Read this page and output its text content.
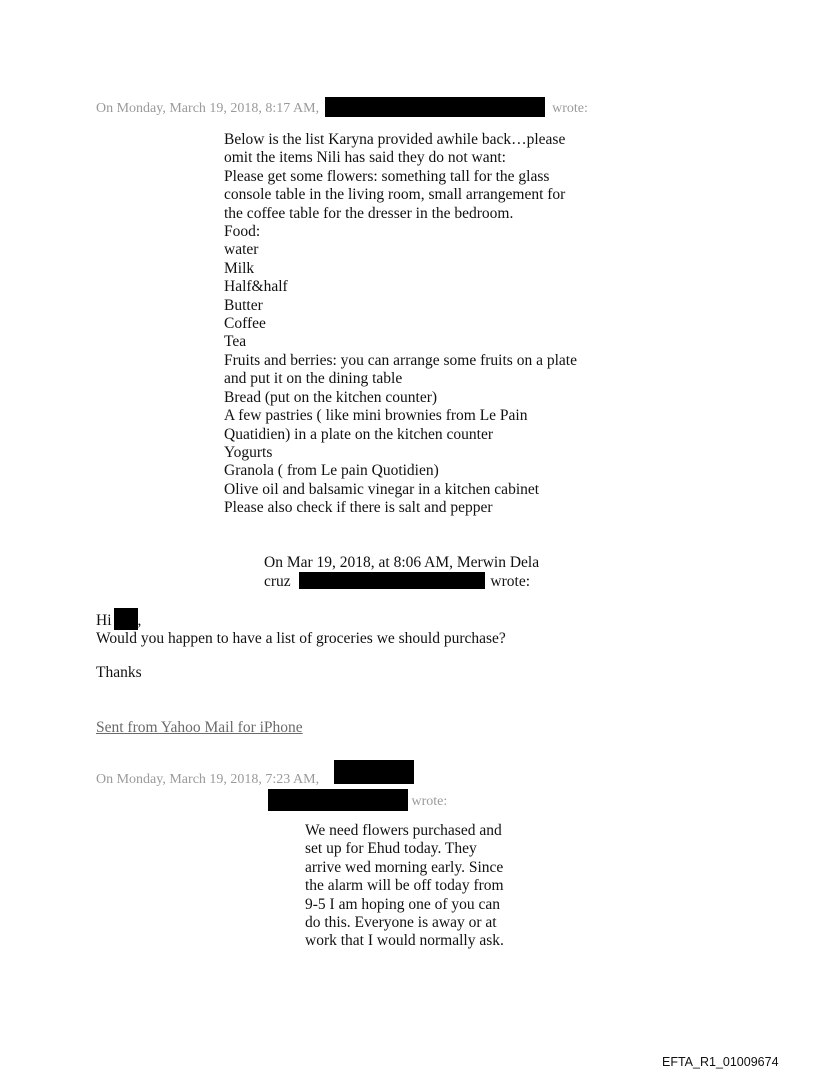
On Monday, March 19, 2018, 8:17 AM,	wrote:
Below is the list Karyna provided awhile back…please
omit the items Nili has said they do not want:
Please get some flowers: something tall for the glass
console table in the living room, small arrangement for
the coffee table for the dresser in the bedroom.
Food:
water
Milk
Half&half
Butter
Coffee
Tea
Fruits and berries: you can arrange some fruits on a plate
and put it on the dining table
Bread (put on the kitchen counter)
A few pastries ( like mini brownies from Le Pain
Quatidien) in a plate on the kitchen counter
Yogurts
Granola ( from Le pain Quotidien)
Olive oil and balsamic vinegar in a kitchen cabinet
Please also check if there is salt and pepper
On Mar 19, 2018, at 8:06 AM, Merwin Dela
cruz	wrote:
Hi ,
Would you happen to have a list of groceries we should purchase?
Thanks
Sent from Yahoo Mail for iPhone
On Monday, March 19, 2018, 7:23 AM,
wrote:
We need flowers purchased and
set up for Ehud today. They
arrive wed morning early. Since
the alarm will be off today from
9-5 I am hoping one of you can
do this. Everyone is away or at
work that I would normally ask.
EFTA_R1_01009674
